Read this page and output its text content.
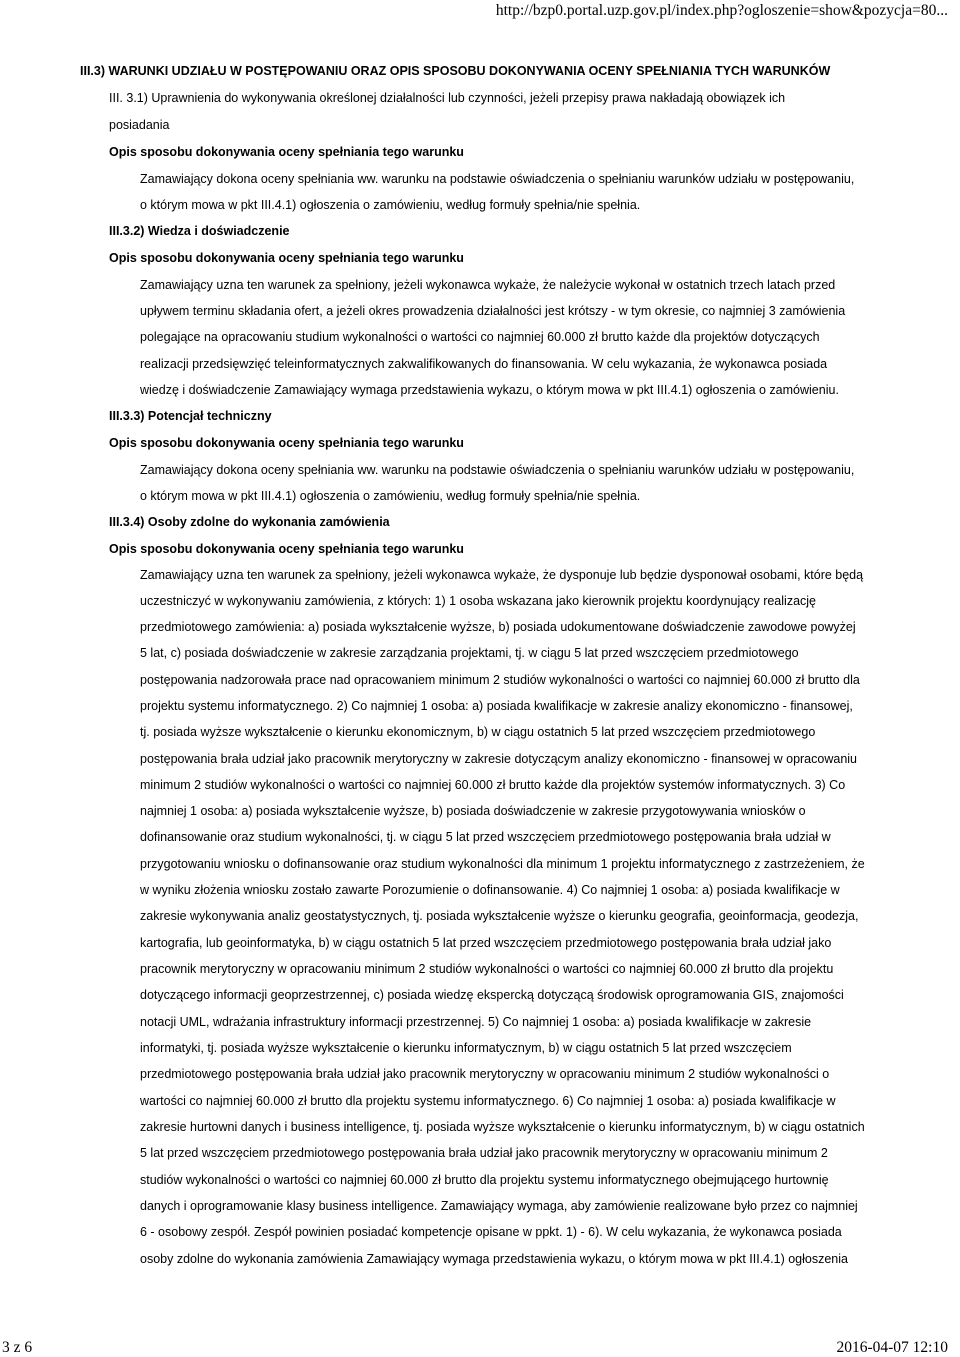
http://bzp0.portal.uzp.gov.pl/index.php?ogloszenie=show&pozycja=80...
III.3) WARUNKI UDZIAŁU W POSTĘPOWANIU ORAZ OPIS SPOSOBU DOKONYWANIA OCENY SPEŁNIANIA TYCH WARUNKÓW
III. 3.1) Uprawnienia do wykonywania określonej działalności lub czynności, jeżeli przepisy prawa nakładają obowiązek ich
posiadania
Opis sposobu dokonywania oceny spełniania tego warunku
Zamawiający dokona oceny spełniania ww. warunku na podstawie oświadczenia o spełnianiu warunków udziału w postępowaniu,
o którym mowa w pkt III.4.1) ogłoszenia o zamówieniu, według formuły spełnia/nie spełnia.
III.3.2) Wiedza i doświadczenie
Opis sposobu dokonywania oceny spełniania tego warunku
Zamawiający uzna ten warunek za spełniony, jeżeli wykonawca wykaże, że należycie wykonał w ostatnich trzech latach przed
upływem terminu składania ofert, a jeżeli okres prowadzenia działalności jest krótszy - w tym okresie, co najmniej 3 zamówienia
polegające na opracowaniu studium wykonalności o wartości co najmniej 60.000 zł brutto każde dla projektów dotyczących
realizacji przedsięwzięć teleinformatycznych zakwalifikowanych do finansowania. W celu wykazania, że wykonawca posiada
wiedzę i doświadczenie Zamawiający wymaga przedstawienia wykazu, o którym mowa w pkt III.4.1) ogłoszenia o zamówieniu.
III.3.3) Potencjał techniczny
Opis sposobu dokonywania oceny spełniania tego warunku
Zamawiający dokona oceny spełniania ww. warunku na podstawie oświadczenia o spełnianiu warunków udziału w postępowaniu,
o którym mowa w pkt III.4.1) ogłoszenia o zamówieniu, według formuły spełnia/nie spełnia.
III.3.4) Osoby zdolne do wykonania zamówienia
Opis sposobu dokonywania oceny spełniania tego warunku
Zamawiający uzna ten warunek za spełniony, jeżeli wykonawca wykaże, że dysponuje lub będzie dysponował osobami, które będą
uczestniczyć w wykonywaniu zamówienia, z których: 1) 1 osoba wskazana jako kierownik projektu koordynujący realizację
przedmiotowego zamówienia: a) posiada wykształcenie wyższe, b) posiada udokumentowane doświadczenie zawodowe powyżej
5 lat, c) posiada doświadczenie w zakresie zarządzania projektami, tj. w ciągu 5 lat przed wszczęciem przedmiotowego
postępowania nadzorowała prace nad opracowaniem minimum 2 studiów wykonalności o wartości co najmniej 60.000 zł brutto dla
projektu systemu informatycznego. 2) Co najmniej 1 osoba: a) posiada kwalifikacje w zakresie analizy ekonomiczno - finansowej,
tj. posiada wyższe wykształcenie o kierunku ekonomicznym, b) w ciągu ostatnich 5 lat przed wszczęciem przedmiotowego
postępowania brała udział jako pracownik merytoryczny w zakresie dotyczącym analizy ekonomiczno - finansowej w opracowaniu
minimum 2 studiów wykonalności o wartości co najmniej 60.000 zł brutto każde dla projektów systemów informatycznych. 3) Co
najmniej 1 osoba: a) posiada wykształcenie wyższe, b) posiada doświadczenie w zakresie przygotowywania wniosków o
dofinansowanie oraz studium wykonalności, tj. w ciągu 5 lat przed wszczęciem przedmiotowego postępowania brała udział w
przygotowaniu wniosku o dofinansowanie oraz studium wykonalności dla minimum 1 projektu informatycznego z zastrzeżeniem, że
w wyniku złożenia wniosku zostało zawarte Porozumienie o dofinansowanie. 4) Co najmniej 1 osoba: a) posiada kwalifikacje w
zakresie wykonywania analiz geostatystycznych, tj. posiada wykształcenie wyższe o kierunku geografia, geoinformacja, geodezja,
kartografia, lub geoinformatyka, b) w ciągu ostatnich 5 lat przed wszczęciem przedmiotowego postępowania brała udział jako
pracownik merytoryczny w opracowaniu minimum 2 studiów wykonalności o wartości co najmniej 60.000 zł brutto dla projektu
dotyczącego informacji geoprzestrzennej, c) posiada wiedzę ekspercką dotyczącą środowisk oprogramowania GIS, znajomości
notacji UML, wdrażania infrastruktury informacji przestrzennej. 5) Co najmniej 1 osoba: a) posiada kwalifikacje w zakresie
informatyki, tj. posiada wyższe wykształcenie o kierunku informatycznym, b) w ciągu ostatnich 5 lat przed wszczęciem
przedmiotowego postępowania brała udział jako pracownik merytoryczny w opracowaniu minimum 2 studiów wykonalności o
wartości co najmniej 60.000 zł brutto dla projektu systemu informatycznego. 6) Co najmniej 1 osoba: a) posiada kwalifikacje w
zakresie hurtowni danych i business intelligence, tj. posiada wyższe wykształcenie o kierunku informatycznym, b) w ciągu ostatnich
5 lat przed wszczęciem przedmiotowego postępowania brała udział jako pracownik merytoryczny w opracowaniu minimum 2
studiów wykonalności o wartości co najmniej 60.000 zł brutto dla projektu systemu informatycznego obejmującego hurtownię
danych i oprogramowanie klasy business intelligence. Zamawiający wymaga, aby zamówienie realizowane było przez co najmniej
6 - osobowy zespół. Zespół powinien posiadać kompetencje opisane w ppkt. 1) - 6). W celu wykazania, że wykonawca posiada
osoby zdolne do wykonania zamówienia Zamawiający wymaga przedstawienia wykazu, o którym mowa w pkt III.4.1) ogłoszenia
3 z 6	2016-04-07 12:10
